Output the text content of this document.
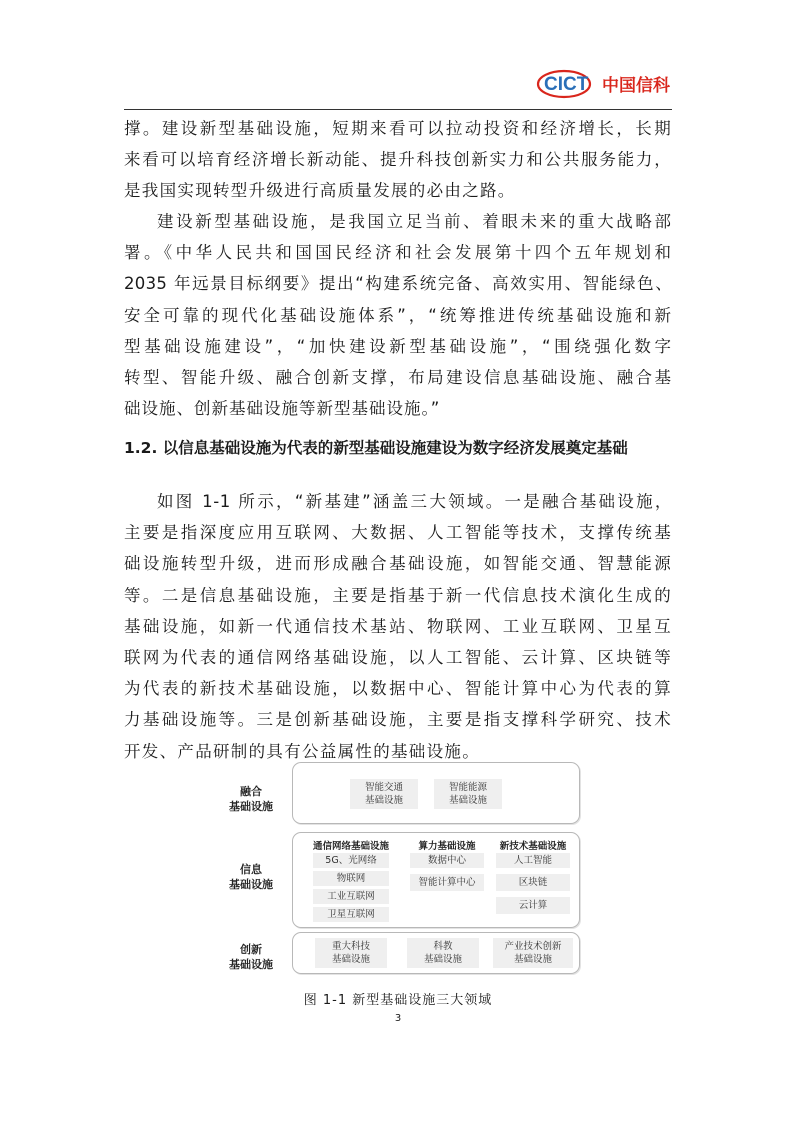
CICT 中国信科

撑。建设新型基础设施，短期来看可以拉动投资和经济增长，长期

来看可以培育经济增长新动能、提升科技创新实力和公共服务能力，

是我国实现转型升级进行高质量发展的必由之路。

建设新型基础设施，是我国立足当前、着眼未来的重大战略部

署。《中华人民共和国国民经济和社会发展第十四个五年规划和

2035 年远景目标纲要》提出“构建系统完备、高效实用、智能绿色、

安全可靠的现代化基础设施体系”，“统筹推进传统基础设施和新

型基础设施建设”，“加快建设新型基础设施”，“围绕强化数字

转型、智能升级、融合创新支撑，布局建设信息基础设施、融合基

础设施、创新基础设施等新型基础设施。”

1.2. 以信息基础设施为代表的新型基础设施建设为数字经济发展奠定基础

如图 1-1 所示，“新基建”涵盖三大领域。一是融合基础设施，

主要是指深度应用互联网、大数据、人工智能等技术，支撑传统基

础设施转型升级，进而形成融合基础设施，如智能交通、智慧能源

等。二是信息基础设施，主要是指基于新一代信息技术演化生成的

基础设施，如新一代通信技术基站、物联网、工业互联网、卫星互

联网为代表的通信网络基础设施，以人工智能、云计算、区块链等

为代表的新技术基础设施，以数据中心、智能计算中心为代表的算

力基础设施等。三是创新基础设施，主要是指支撑科学研究、技术

开发、产品研制的具有公益属性的基础设施。

融合
基础设施
智能交通
基础设施
智能能源
基础设施
信息
基础设施
通信网络基础设施
5G、光网络
物联网
工业互联网
卫星互联网
算力基础设施
数据中心
智能计算中心
新技术基础设施
人工智能
区块链
云计算
创新
基础设施
重大科技
基础设施
科教
基础设施
产业技术创新
基础设施
图 1-1 新型基础设施三大领域
3
